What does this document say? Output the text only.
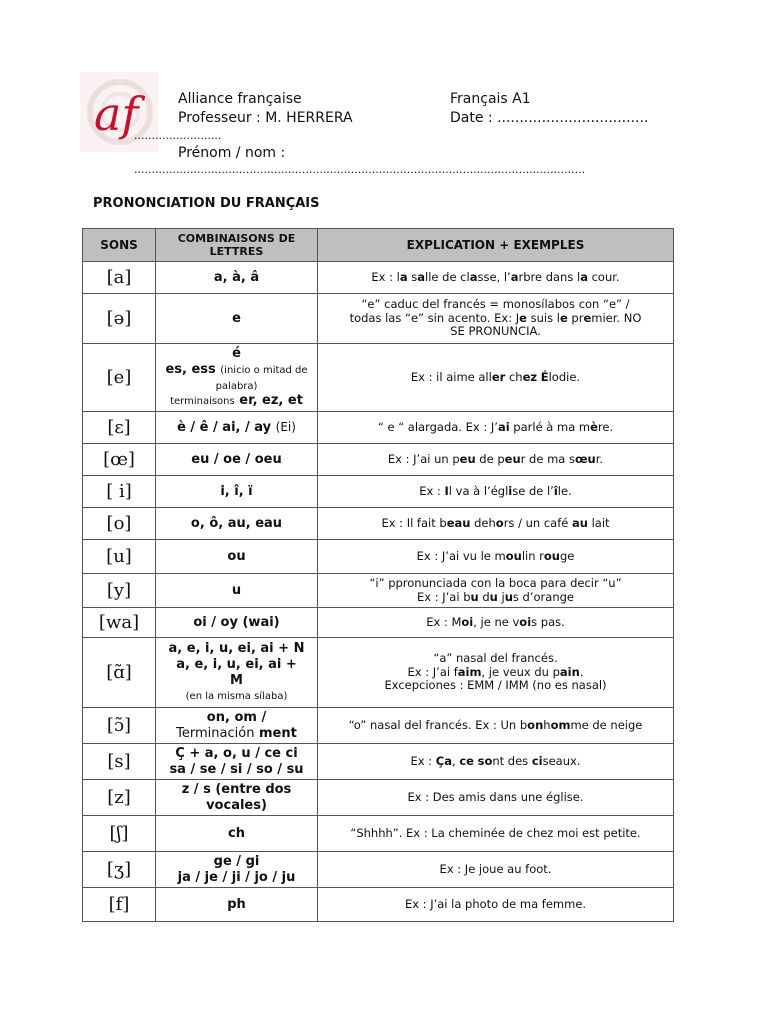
af	Alliance française	Français A1
Professeur : M. HERRERA	Date : ..................................
.........................
Prénom / nom :
.................................................................................................................................
PRONONCIATION DU FRANÇAIS
SONS	COMBINAISONS DE LETTRES	EXPLICATION + EXEMPLES
[a]	a, à, â	Ex : la salle de classe, l’arbre dans la cour.
[ə]	e	“e” caduc del francés = monosílabos con “e” /
todas las “e” sin acento. Ex: Je suis le premier. NO
SE PRONUNCIA.
[e]	é
es, ess (inicio o mitad de
palabra)
terminaisons er, ez, et	Ex : il aime aller chez Élodie.
[ɛ]	è / ê / ai, / ay (Ei)	“ e “ alargada. Ex : J’ai parlé à ma mère.
[œ]	eu / oe / oeu	Ex : J’ai un peu de peur de ma sœur.
[ i]	i, î, ï	Ex : Il va à l’église de l’île.
[o]	o, ô, au, eau	Ex : Il fait beau dehors / un café au lait
[u]	ou	Ex : J’ai vu le moulin rouge
[y]	u	“i” ppronunciada con la boca para decir “u”
Ex : J’ai bu du jus d’orange
[wa]	oi / oy (wai)	Ex : Moi, je ne vois pas.
[ɑ̃]	a, e, i, u, ei, ai + N
a, e, i, u, ei, ai +
M
(en la misma sílaba)	“a” nasal del francés.
Ex : J’ai faim, je veux du pain.
Excepciones : EMM / IMM (no es nasal)
[ɔ̃]	on, om /
Terminación ment	“o” nasal del francés. Ex : Un bonhomme de neige
[s]	Ç + a, o, u / ce ci
sa / se / si / so / su	Ex : Ça, ce sont des ciseaux.
[z]	z / s (entre dos
vocales)	Ex : Des amis dans une église.
[ʃ]	ch	“Shhhh”. Ex : La cheminée de chez moi est petite.
[ʒ]	ge / gi
ja / je / ji / jo / ju	Ex : Je joue au foot.
[f]	ph	Ex : J’ai la photo de ma femme.
